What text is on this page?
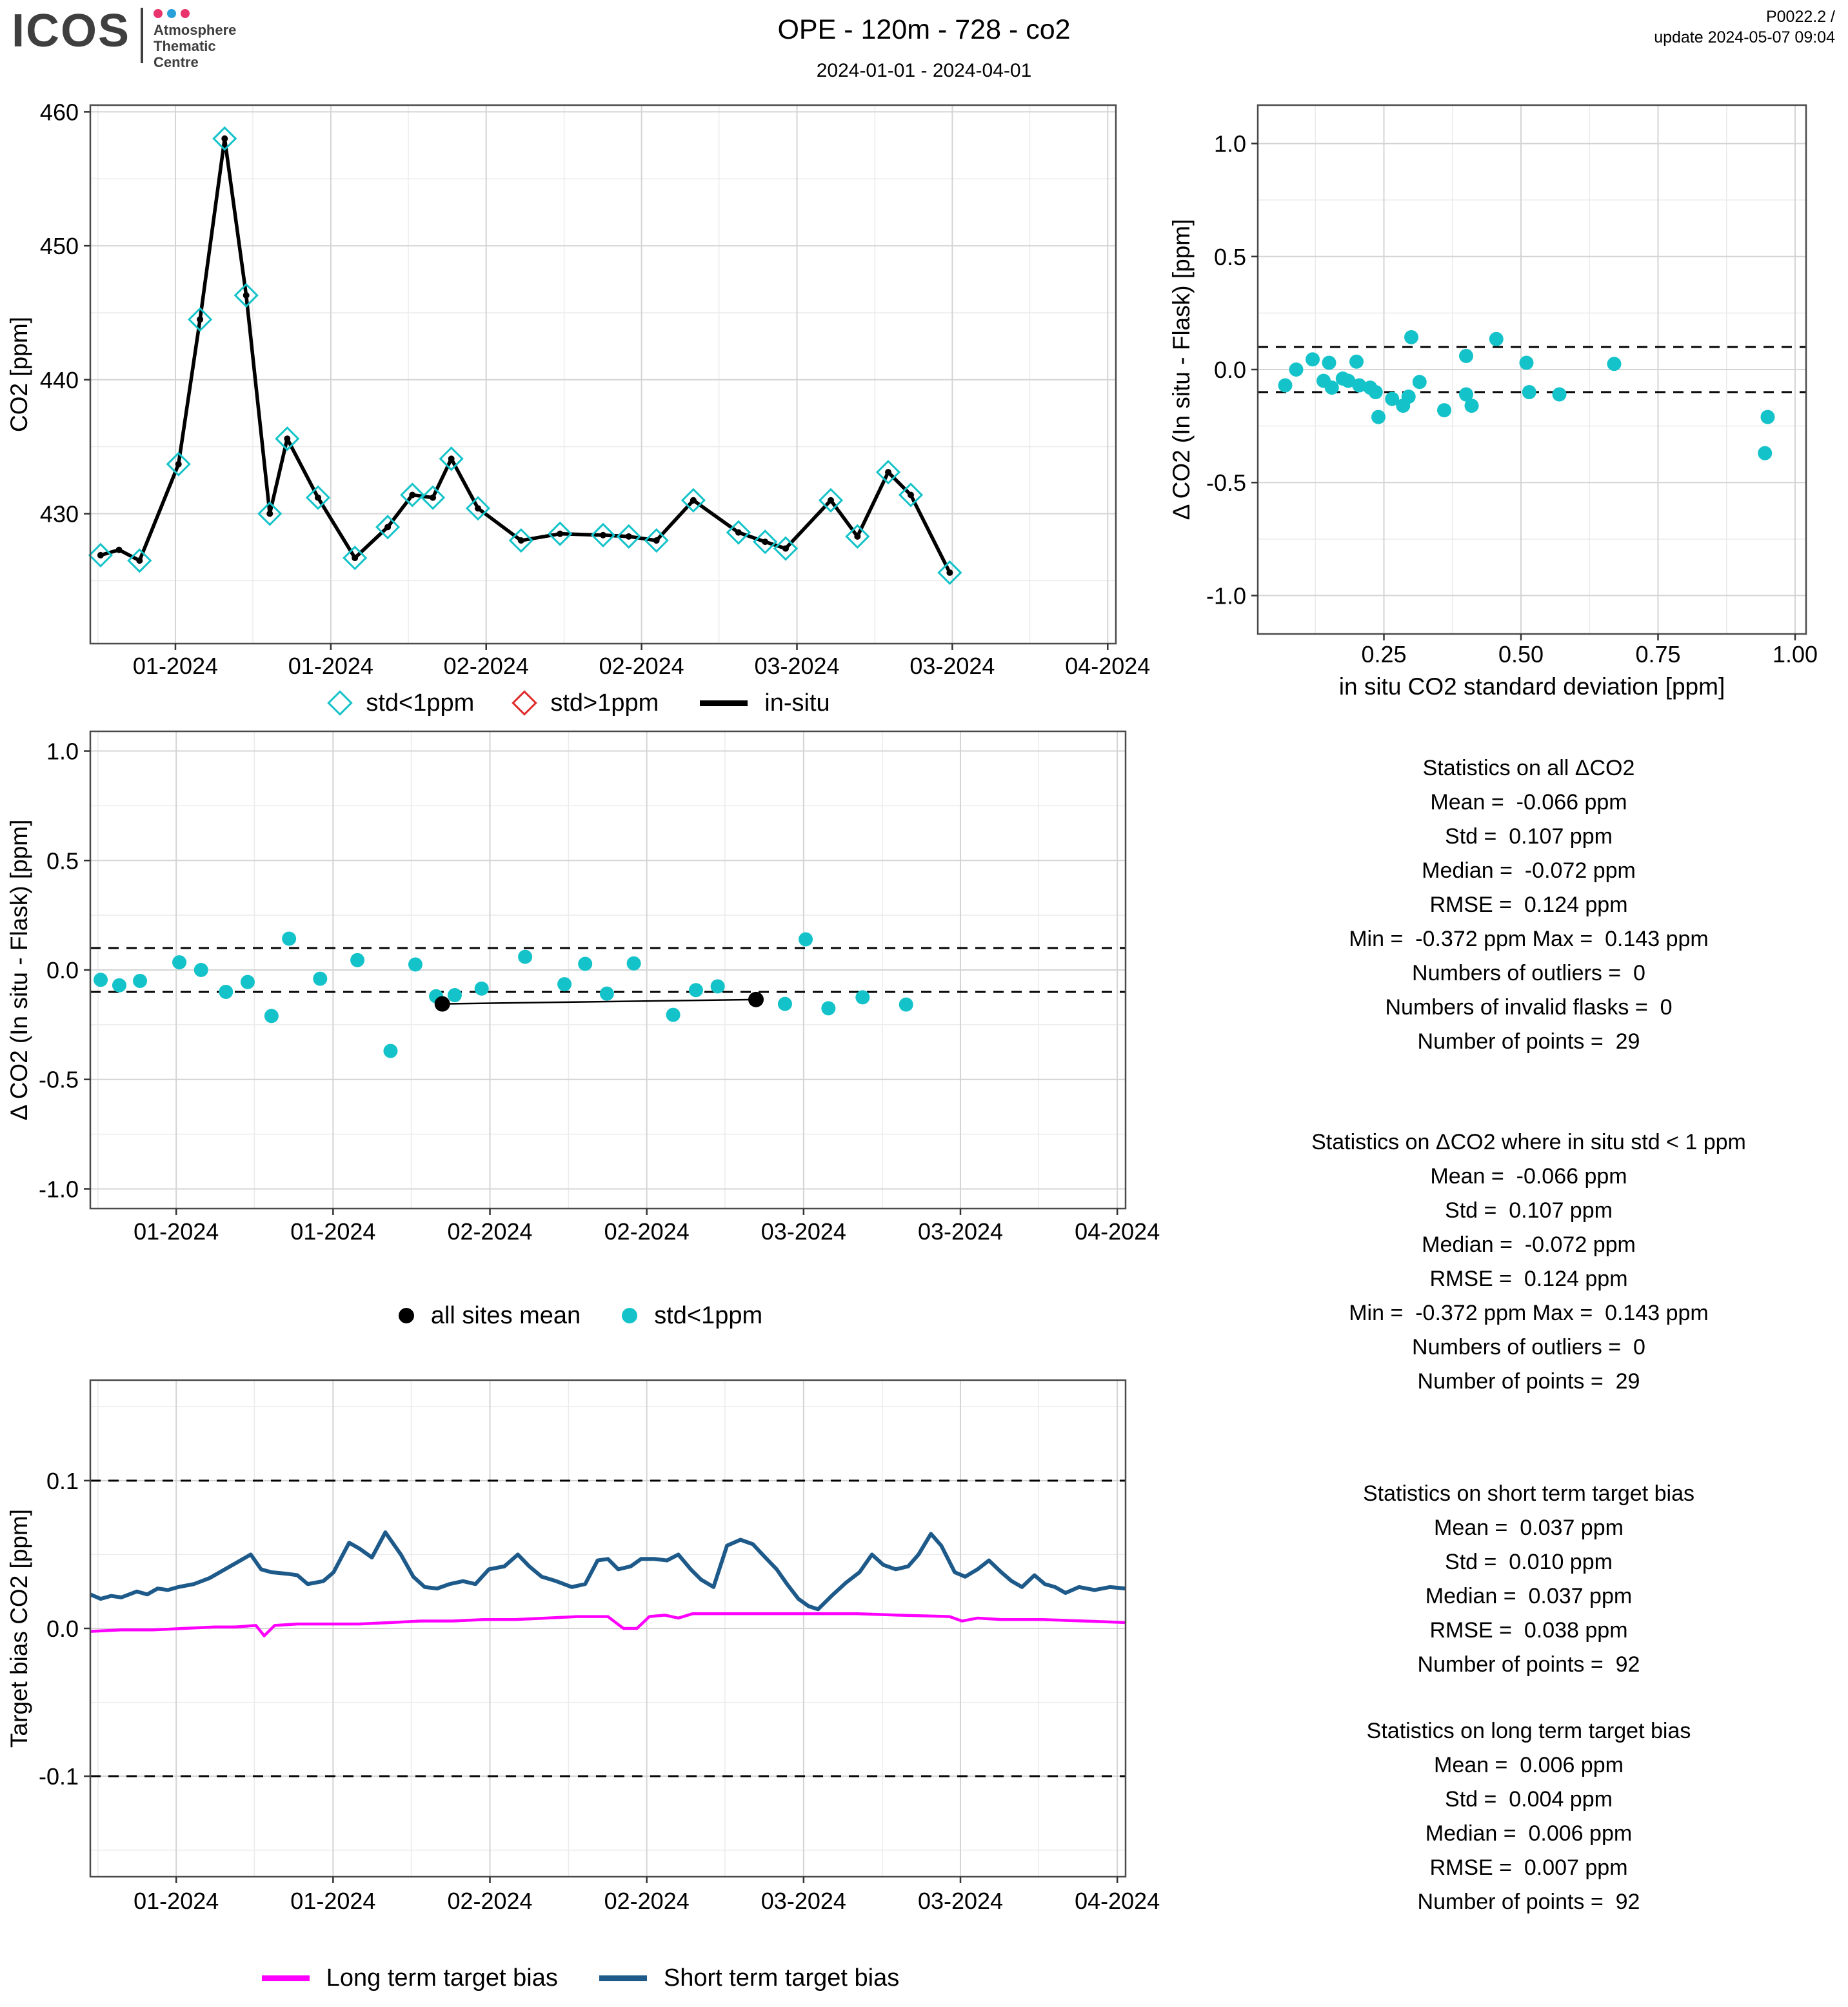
ICOS Atmosphere
Thematic
Centre
OPE - 120m - 728 - co2
2024-01-01 - 2024-04-01
P0022.2 /
update 2024-05-07 09:04
460
450
440
430
01-2024	01-2024	02-2024	02-2024	03-2024	03-2024	04-2024
CO2 [ppm]
std<1ppm	std>1ppm	in-situ
1.0
0.5
0.0
-0.5
-1.0
0.25	0.50	0.75	1.00
Δ CO2 (In situ - Flask) [ppm]
in situ CO2 standard deviation [ppm]
1.0
0.5
0.0
-0.5
-1.0
01-2024	01-2024	02-2024	02-2024	03-2024	03-2024	04-2024
Δ CO2 (In situ - Flask) [ppm]
all sites mean	std<1ppm
0.1
0.0
-0.1
01-2024	01-2024	02-2024	02-2024	03-2024	03-2024	04-2024
Target bias CO2 [ppm]
Long term target bias	Short term target bias
Statistics on all ΔCO2
Mean =  -0.066 ppm
Std =  0.107 ppm
Median =  -0.072 ppm
RMSE =  0.124 ppm
Min =  -0.372 ppm Max =  0.143 ppm
Numbers of outliers =  0
Numbers of invalid flasks =  0
Number of points =  29
Statistics on ΔCO2 where in situ std < 1 ppm
Mean =  -0.066 ppm
Std =  0.107 ppm
Median =  -0.072 ppm
RMSE =  0.124 ppm
Min =  -0.372 ppm Max =  0.143 ppm
Numbers of outliers =  0
Number of points =  29
Statistics on short term target bias
Mean =  0.037 ppm
Std =  0.010 ppm
Median =  0.037 ppm
RMSE =  0.038 ppm
Number of points =  92
Statistics on long term target bias
Mean =  0.006 ppm
Std =  0.004 ppm
Median =  0.006 ppm
RMSE =  0.007 ppm
Number of points =  92
